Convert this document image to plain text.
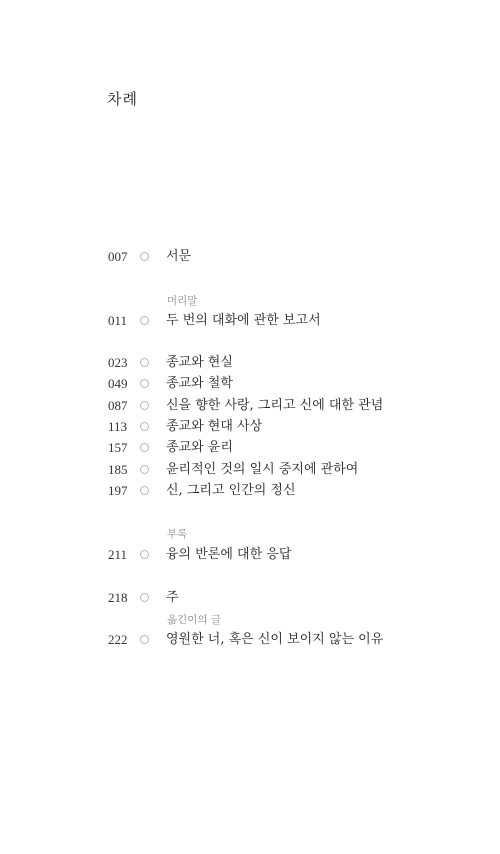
차례
007	서문
머리말
011	두 번의 대화에 관한 보고서
023	종교와 현실
049	종교와 철학
087	신을 향한 사랑, 그리고 신에 대한 관념
113	종교와 현대 사상
157	종교와 윤리
185	윤리적인 것의 일시 중지에 관하여
197	신, 그리고 인간의 정신
부록
211	융의 반론에 대한 응답
218	주
옮긴이의 글
222	영원한 너, 혹은 신이 보이지 않는 이유
